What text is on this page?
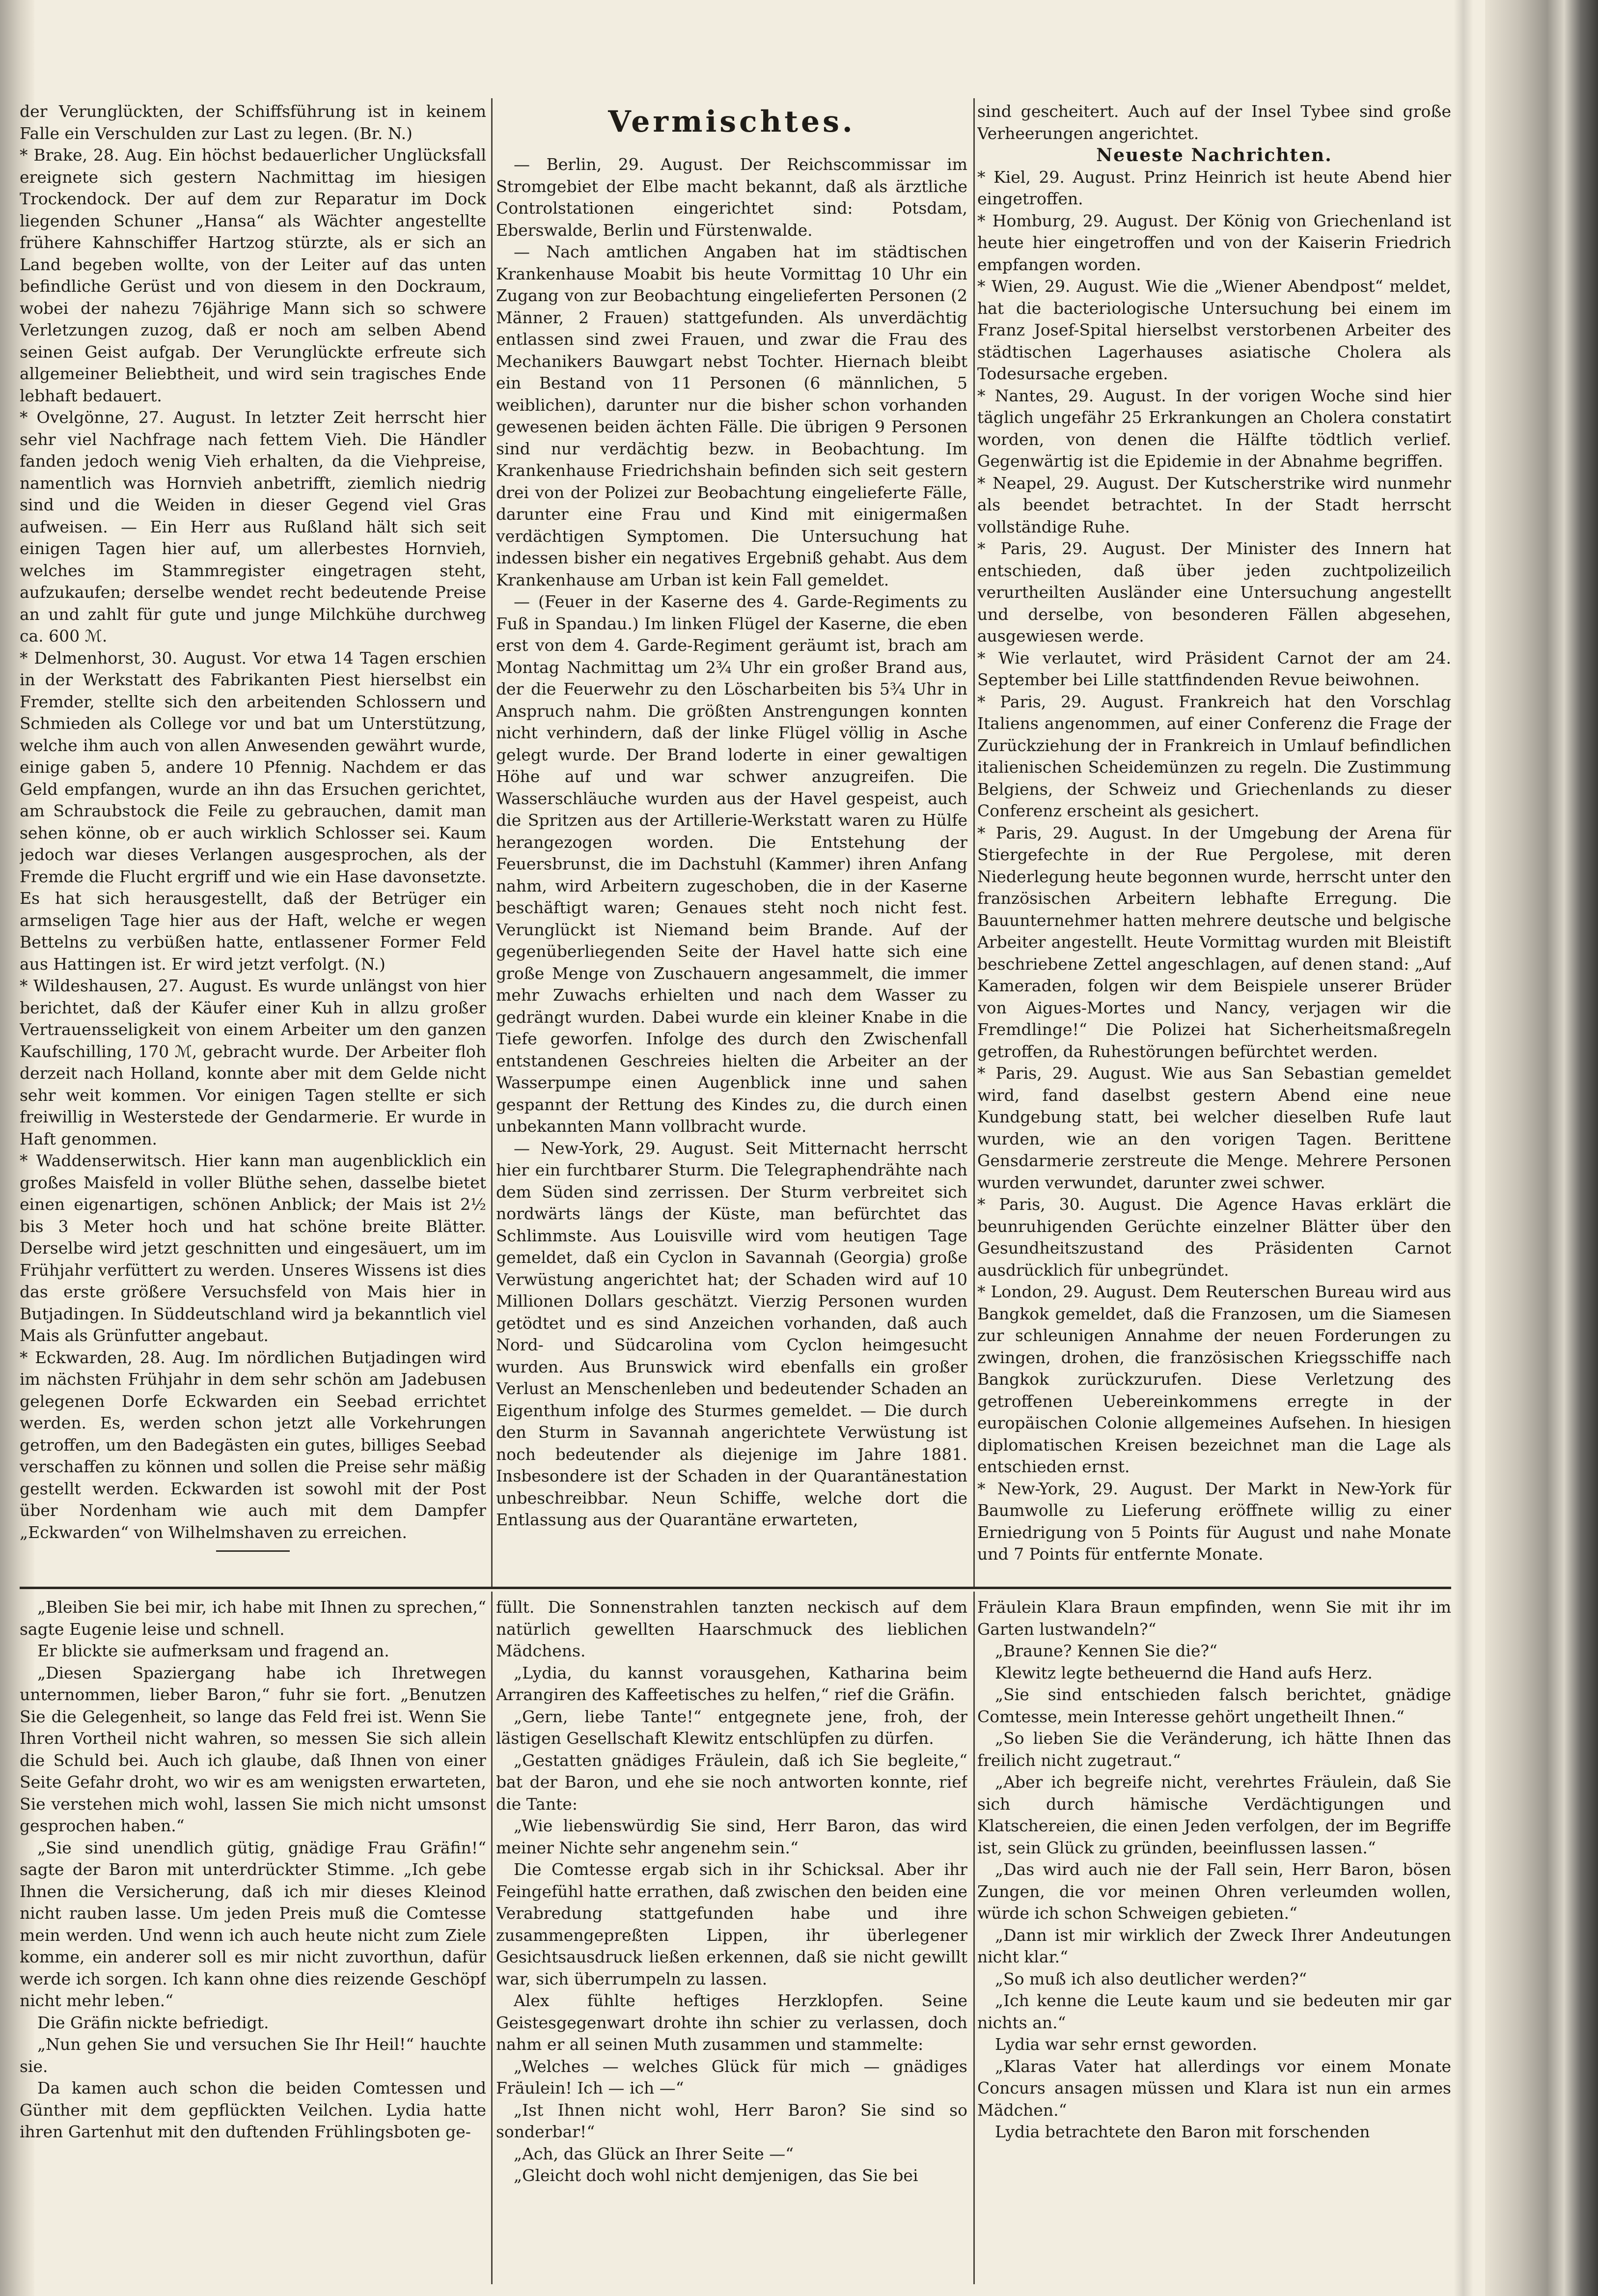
der Verunglückten, der Schiffsführung ist in keinem Falle ein Verschulden zur Last zu legen. (Br. N.)

* Brake, 28. Aug. Ein höchst bedauerlicher Unglücksfall ereignete sich gestern Nachmittag im hiesigen Trockendock. Der auf dem zur Reparatur im Dock liegenden Schuner „Hansa“ als Wächter angestellte frühere Kahnschiffer Hartzog stürzte, als er sich an Land begeben wollte, von der Leiter auf das unten befindliche Gerüst und von diesem in den Dockraum, wobei der nahezu 76jährige Mann sich so schwere Verletzungen zuzog, daß er noch am selben Abend seinen Geist aufgab. Der Verunglückte erfreute sich allgemeiner Beliebtheit, und wird sein tragisches Ende lebhaft bedauert.

* Ovelgönne, 27. August. In letzter Zeit herrscht hier sehr viel Nachfrage nach fettem Vieh. Die Händler fanden jedoch wenig Vieh erhalten, da die Viehpreise, namentlich was Hornvieh anbetrifft, ziemlich niedrig sind und die Weiden in dieser Gegend viel Gras aufweisen. — Ein Herr aus Rußland hält sich seit einigen Tagen hier auf, um allerbestes Hornvieh, welches im Stammregister eingetragen steht, aufzukaufen; derselbe wendet recht bedeutende Preise an und zahlt für gute und junge Milchkühe durchweg ca. 600 ℳ.

* Delmenhorst, 30. August. Vor etwa 14 Tagen erschien in der Werkstatt des Fabrikanten Piest hierselbst ein Fremder, stellte sich den arbeitenden Schlossern und Schmieden als College vor und bat um Unterstützung, welche ihm auch von allen Anwesenden gewährt wurde, einige gaben 5, andere 10 Pfennig. Nachdem er das Geld empfangen, wurde an ihn das Ersuchen gerichtet, am Schraubstock die Feile zu gebrauchen, damit man sehen könne, ob er auch wirklich Schlosser sei. Kaum jedoch war dieses Verlangen ausgesprochen, als der Fremde die Flucht ergriff und wie ein Hase davonsetzte. Es hat sich herausgestellt, daß der Betrüger ein armseligen Tage hier aus der Haft, welche er wegen Bettelns zu verbüßen hatte, entlassener Former Feld aus Hattingen ist. Er wird jetzt verfolgt. (N.)

* Wildeshausen, 27. August. Es wurde unlängst von hier berichtet, daß der Käufer einer Kuh in allzu großer Vertrauensseligkeit von einem Arbeiter um den ganzen Kaufschilling, 170 ℳ, gebracht wurde. Der Arbeiter floh derzeit nach Holland, konnte aber mit dem Gelde nicht sehr weit kommen. Vor einigen Tagen stellte er sich freiwillig in Westerstede der Gendarmerie. Er wurde in Haft genommen.

* Waddenserwitsch. Hier kann man augenblicklich ein großes Maisfeld in voller Blüthe sehen, dasselbe bietet einen eigenartigen, schönen Anblick; der Mais ist 2½ bis 3 Meter hoch und hat schöne breite Blätter. Derselbe wird jetzt geschnitten und eingesäuert, um im Frühjahr verfüttert zu werden. Unseres Wissens ist dies das erste größere Versuchsfeld von Mais hier in Butjadingen. In Süddeutschland wird ja bekanntlich viel Mais als Grünfutter angebaut.

* Eckwarden, 28. Aug. Im nördlichen Butjadingen wird im nächsten Frühjahr in dem sehr schön am Jadebusen gelegenen Dorfe Eckwarden ein Seebad errichtet werden. Es, werden schon jetzt alle Vorkehrungen getroffen, um den Badegästen ein gutes, billiges Seebad verschaffen zu können und sollen die Preise sehr mäßig gestellt werden. Eckwarden ist sowohl mit der Post über Nordenham wie auch mit dem Dampfer „Eckwarden“ von Wilhelmshaven zu erreichen.

Vermischtes.

— Berlin, 29. August. Der Reichscommissar im Stromgebiet der Elbe macht bekannt, daß als ärztliche Controlstationen eingerichtet sind: Potsdam, Eberswalde, Berlin und Fürstenwalde.

— Nach amtlichen Angaben hat im städtischen Krankenhause Moabit bis heute Vormittag 10 Uhr ein Zugang von zur Beobachtung eingelieferten Personen (2 Männer, 2 Frauen) stattgefunden. Als unverdächtig entlassen sind zwei Frauen, und zwar die Frau des Mechanikers Bauwgart nebst Tochter. Hiernach bleibt ein Bestand von 11 Personen (6 männlichen, 5 weiblichen), darunter nur die bisher schon vorhanden gewesenen beiden ächten Fälle. Die übrigen 9 Personen sind nur verdächtig bezw. in Beobachtung. Im Krankenhause Friedrichshain befinden sich seit gestern drei von der Polizei zur Beobachtung eingelieferte Fälle, darunter eine Frau und Kind mit einigermaßen verdächtigen Symptomen. Die Untersuchung hat indessen bisher ein negatives Ergebniß gehabt. Aus dem Krankenhause am Urban ist kein Fall gemeldet.

— (Feuer in der Kaserne des 4. Garde-Regiments zu Fuß in Spandau.) Im linken Flügel der Kaserne, die eben erst von dem 4. Garde-Regiment geräumt ist, brach am Montag Nachmittag um 2¾ Uhr ein großer Brand aus, der die Feuerwehr zu den Löscharbeiten bis 5¾ Uhr in Anspruch nahm. Die größten Anstrengungen konnten nicht verhindern, daß der linke Flügel völlig in Asche gelegt wurde. Der Brand loderte in einer gewaltigen Höhe auf und war schwer anzugreifen. Die Wasserschläuche wurden aus der Havel gespeist, auch die Spritzen aus der Artillerie-Werkstatt waren zu Hülfe herangezogen worden. Die Entstehung der Feuersbrunst, die im Dachstuhl (Kammer) ihren Anfang nahm, wird Arbeitern zugeschoben, die in der Kaserne beschäftigt waren; Genaues steht noch nicht fest. Verunglückt ist Niemand beim Brande. Auf der gegenüberliegenden Seite der Havel hatte sich eine große Menge von Zuschauern angesammelt, die immer mehr Zuwachs erhielten und nach dem Wasser zu gedrängt wurden. Dabei wurde ein kleiner Knabe in die Tiefe geworfen. Infolge des durch den Zwischenfall entstandenen Geschreies hielten die Arbeiter an der Wasserpumpe einen Augenblick inne und sahen gespannt der Rettung des Kindes zu, die durch einen unbekannten Mann vollbracht wurde.

— New-York, 29. August. Seit Mitternacht herrscht hier ein furchtbarer Sturm. Die Telegraphendrähte nach dem Süden sind zerrissen. Der Sturm verbreitet sich nordwärts längs der Küste, man befürchtet das Schlimmste. Aus Louisville wird vom heutigen Tage gemeldet, daß ein Cyclon in Savannah (Georgia) große Verwüstung angerichtet hat; der Schaden wird auf 10 Millionen Dollars geschätzt. Vierzig Personen wurden getödtet und es sind Anzeichen vorhanden, daß auch Nord- und Südcarolina vom Cyclon heimgesucht wurden. Aus Brunswick wird ebenfalls ein großer Verlust an Menschenleben und bedeutender Schaden an Eigenthum infolge des Sturmes gemeldet. — Die durch den Sturm in Savannah angerichtete Verwüstung ist noch bedeutender als diejenige im Jahre 1881. Insbesondere ist der Schaden in der Quarantänestation unbeschreibbar. Neun Schiffe, welche dort die Entlassung aus der Quarantäne erwarteten,

sind gescheitert. Auch auf der Insel Tybee sind große Verheerungen angerichtet.

Neueste Nachrichten.

* Kiel, 29. August. Prinz Heinrich ist heute Abend hier eingetroffen.

* Homburg, 29. August. Der König von Griechenland ist heute hier eingetroffen und von der Kaiserin Friedrich empfangen worden.

* Wien, 29. August. Wie die „Wiener Abendpost“ meldet, hat die bacteriologische Untersuchung bei einem im Franz Josef-Spital hierselbst verstorbenen Arbeiter des städtischen Lagerhauses asiatische Cholera als Todesursache ergeben.

* Nantes, 29. August. In der vorigen Woche sind hier täglich ungefähr 25 Erkrankungen an Cholera constatirt worden, von denen die Hälfte tödtlich verlief. Gegenwärtig ist die Epidemie in der Abnahme begriffen.

* Neapel, 29. August. Der Kutscherstrike wird nunmehr als beendet betrachtet. In der Stadt herrscht vollständige Ruhe.

* Paris, 29. August. Der Minister des Innern hat entschieden, daß über jeden zuchtpolizeilich verurtheilten Ausländer eine Untersuchung angestellt und derselbe, von besonderen Fällen abgesehen, ausgewiesen werde.

* Wie verlautet, wird Präsident Carnot der am 24. September bei Lille stattfindenden Revue beiwohnen.

* Paris, 29. August. Frankreich hat den Vorschlag Italiens angenommen, auf einer Conferenz die Frage der Zurückziehung der in Frankreich in Umlauf befindlichen italienischen Scheidemünzen zu regeln. Die Zustimmung Belgiens, der Schweiz und Griechenlands zu dieser Conferenz erscheint als gesichert.

* Paris, 29. August. In der Umgebung der Arena für Stiergefechte in der Rue Pergolese, mit deren Niederlegung heute begonnen wurde, herrscht unter den französischen Arbeitern lebhafte Erregung. Die Bauunternehmer hatten mehrere deutsche und belgische Arbeiter angestellt. Heute Vormittag wurden mit Bleistift beschriebene Zettel angeschlagen, auf denen stand: „Auf Kameraden, folgen wir dem Beispiele unserer Brüder von Aigues-Mortes und Nancy, verjagen wir die Fremdlinge!“ Die Polizei hat Sicherheitsmaßregeln getroffen, da Ruhestörungen befürchtet werden.

* Paris, 29. August. Wie aus San Sebastian gemeldet wird, fand daselbst gestern Abend eine neue Kundgebung statt, bei welcher dieselben Rufe laut wurden, wie an den vorigen Tagen. Berittene Gensdarmerie zerstreute die Menge. Mehrere Personen wurden verwundet, darunter zwei schwer.

* Paris, 30. August. Die Agence Havas erklärt die beunruhigenden Gerüchte einzelner Blätter über den Gesundheitszustand des Präsidenten Carnot ausdrücklich für unbegründet.

* London, 29. August. Dem Reuterschen Bureau wird aus Bangkok gemeldet, daß die Franzosen, um die Siamesen zur schleunigen Annahme der neuen Forderungen zu zwingen, drohen, die französischen Kriegsschiffe nach Bangkok zurückzurufen. Diese Verletzung des getroffenen Uebereinkommens erregte in der europäischen Colonie allgemeines Aufsehen. In hiesigen diplomatischen Kreisen bezeichnet man die Lage als entschieden ernst.

* New-York, 29. August. Der Markt in New-York für Baumwolle zu Lieferung eröffnete willig zu einer Erniedrigung von 5 Points für August und nahe Monate und 7 Points für entfernte Monate.

„Bleiben Sie bei mir, ich habe mit Ihnen zu sprechen,“ sagte Eugenie leise und schnell.

Er blickte sie aufmerksam und fragend an.

„Diesen Spaziergang habe ich Ihretwegen unternommen, lieber Baron,“ fuhr sie fort. „Benutzen Sie die Gelegenheit, so lange das Feld frei ist. Wenn Sie Ihren Vortheil nicht wahren, so messen Sie sich allein die Schuld bei. Auch ich glaube, daß Ihnen von einer Seite Gefahr droht, wo wir es am wenigsten erwarteten, Sie verstehen mich wohl, lassen Sie mich nicht umsonst gesprochen haben.“

„Sie sind unendlich gütig, gnädige Frau Gräfin!“ sagte der Baron mit unterdrückter Stimme. „Ich gebe Ihnen die Versicherung, daß ich mir dieses Kleinod nicht rauben lasse. Um jeden Preis muß die Comtesse mein werden. Und wenn ich auch heute nicht zum Ziele komme, ein anderer soll es mir nicht zuvorthun, dafür werde ich sorgen. Ich kann ohne dies reizende Geschöpf nicht mehr leben.“

Die Gräfin nickte befriedigt.

„Nun gehen Sie und versuchen Sie Ihr Heil!“ hauchte sie.

Da kamen auch schon die beiden Comtessen und Günther mit dem gepflückten Veilchen. Lydia hatte ihren Gartenhut mit den duftenden Frühlingsboten ge-

füllt. Die Sonnenstrahlen tanzten neckisch auf dem natürlich gewellten Haarschmuck des lieblichen Mädchens.

„Lydia, du kannst vorausgehen, Katharina beim Arrangiren des Kaffeetisches zu helfen,“ rief die Gräfin.

„Gern, liebe Tante!“ entgegnete jene, froh, der lästigen Gesellschaft Klewitz entschlüpfen zu dürfen.

„Gestatten gnädiges Fräulein, daß ich Sie begleite,“ bat der Baron, und ehe sie noch antworten konnte, rief die Tante:

„Wie liebenswürdig Sie sind, Herr Baron, das wird meiner Nichte sehr angenehm sein.“

Die Comtesse ergab sich in ihr Schicksal. Aber ihr Feingefühl hatte errathen, daß zwischen den beiden eine Verabredung stattgefunden habe und ihre zusammengepreßten Lippen, ihr überlegener Gesichtsausdruck ließen erkennen, daß sie nicht gewillt war, sich überrumpeln zu lassen.

Alex fühlte heftiges Herzklopfen. Seine Geistesgegenwart drohte ihn schier zu verlassen, doch nahm er all seinen Muth zusammen und stammelte:

„Welches — welches Glück für mich — gnädiges Fräulein! Ich — ich —“

„Ist Ihnen nicht wohl, Herr Baron? Sie sind so sonderbar!“

„Ach, das Glück an Ihrer Seite —“

„Gleicht doch wohl nicht demjenigen, das Sie bei

Fräulein Klara Braun empfinden, wenn Sie mit ihr im Garten lustwandeln?“

„Braune? Kennen Sie die?“

Klewitz legte betheuernd die Hand aufs Herz.

„Sie sind entschieden falsch berichtet, gnädige Comtesse, mein Interesse gehört ungetheilt Ihnen.“

„So lieben Sie die Veränderung, ich hätte Ihnen das freilich nicht zugetraut.“

„Aber ich begreife nicht, verehrtes Fräulein, daß Sie sich durch hämische Verdächtigungen und Klatschereien, die einen Jeden verfolgen, der im Begriffe ist, sein Glück zu gründen, beeinflussen lassen.“

„Das wird auch nie der Fall sein, Herr Baron, bösen Zungen, die vor meinen Ohren verleumden wollen, würde ich schon Schweigen gebieten.“

„Dann ist mir wirklich der Zweck Ihrer Andeutungen nicht klar.“

„So muß ich also deutlicher werden?“

„Ich kenne die Leute kaum und sie bedeuten mir gar nichts an.“

Lydia war sehr ernst geworden.

„Klaras Vater hat allerdings vor einem Monate Concurs ansagen müssen und Klara ist nun ein armes Mädchen.“

Lydia betrachtete den Baron mit forschenden
